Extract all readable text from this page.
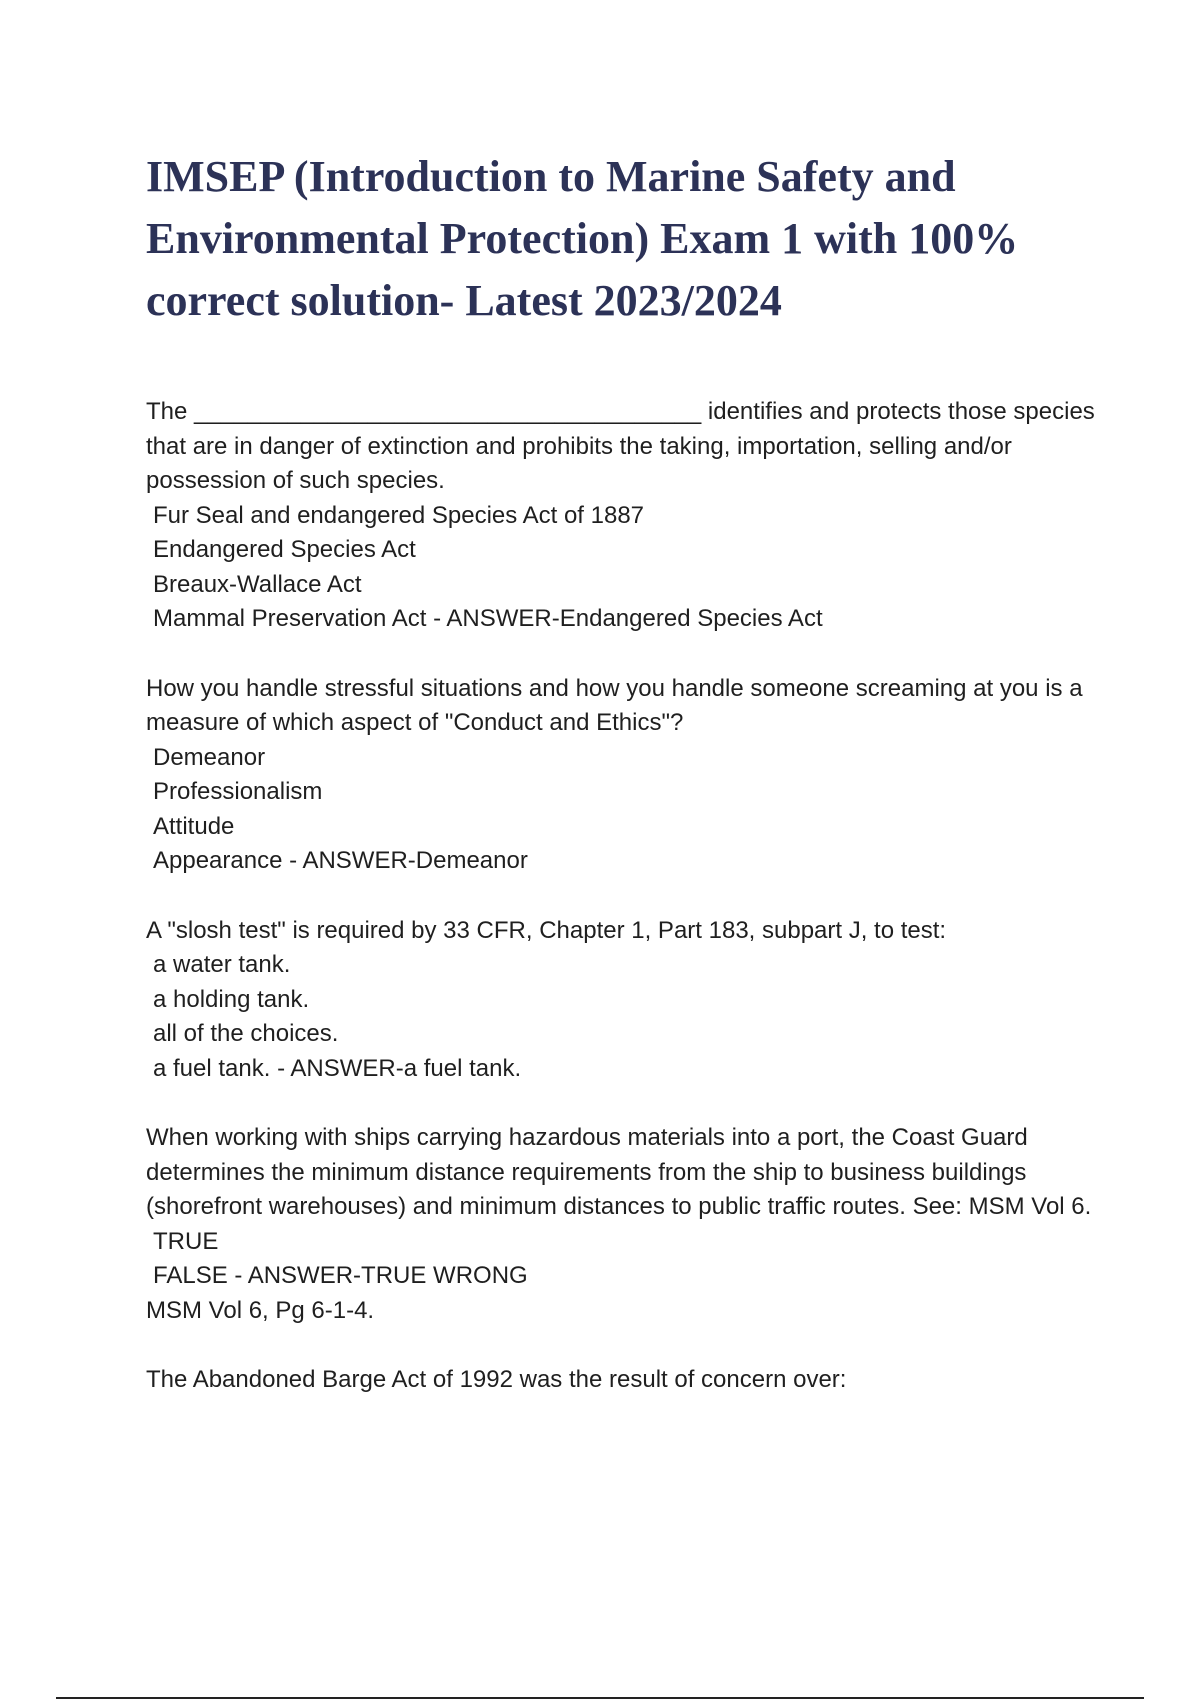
IMSEP (Introduction to Marine Safety and Environmental Protection) Exam 1 with 100% correct solution- Latest 2023/2024

The ______________________________________ identifies and protects those species that are in danger of extinction and prohibits the taking, importation, selling and/or possession of such species.

Fur Seal and endangered Species Act of 1887

Endangered Species Act

Breaux-Wallace Act

Mammal Preservation Act - ANSWER-Endangered Species Act

How you handle stressful situations and how you handle someone screaming at you is a measure of which aspect of "Conduct and Ethics"?

Demeanor

Professionalism

Attitude

Appearance - ANSWER-Demeanor

A "slosh test" is required by 33 CFR, Chapter 1, Part 183, subpart J, to test:

a water tank.

a holding tank.

all of the choices.

a fuel tank. - ANSWER-a fuel tank.

When working with ships carrying hazardous materials into a port, the Coast Guard determines the minimum distance requirements from the ship to business buildings (shorefront warehouses) and minimum distances to public traffic routes. See: MSM Vol 6.

TRUE

FALSE - ANSWER-TRUE WRONG

MSM Vol 6, Pg 6-1-4.

The Abandoned Barge Act of 1992 was the result of concern over:
